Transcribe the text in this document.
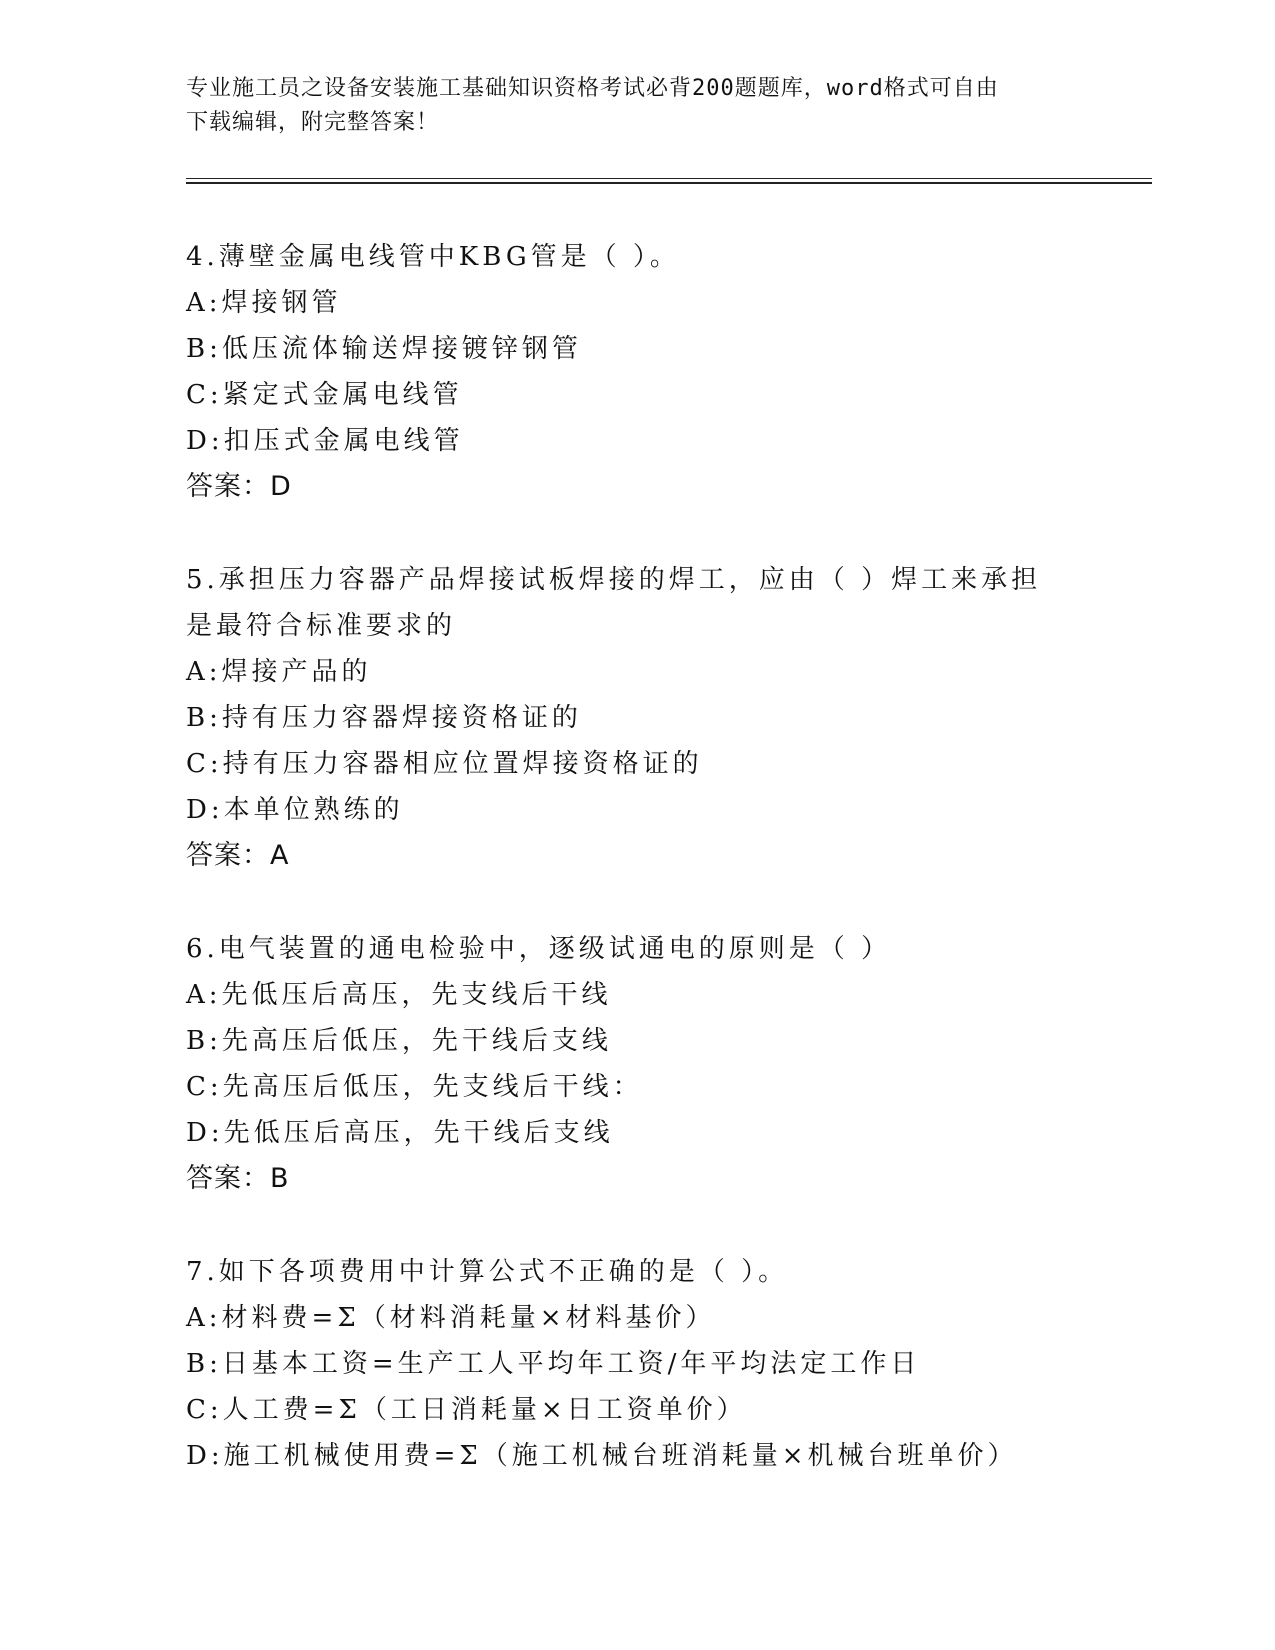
专业施工员之设备安装施工基础知识资格考试必背200题题库，word格式可自由
下载编辑，附完整答案！
4.薄壁金属电线管中KBG管是（ ）。
A:焊接钢管
B:低压流体输送焊接镀锌钢管
C:紧定式金属电线管
D:扣压式金属电线管
答案：D
5.承担压力容器产品焊接试板焊接的焊工，应由（ ）焊工来承担是最符合标准要求的
A:焊接产品的
B:持有压力容器焊接资格证的
C:持有压力容器相应位置焊接资格证的
D:本单位熟练的
答案：A
6.电气装置的通电检验中，逐级试通电的原则是（ ）
A:先低压后高压，先支线后干线
B:先高压后低压，先干线后支线
C:先高压后低压，先支线后干线：
D:先低压后高压，先干线后支线
答案：B
7.如下各项费用中计算公式不正确的是（ ）。
A:材料费=Σ（材料消耗量×材料基价）
B:日基本工资=生产工人平均年工资/年平均法定工作日
C:人工费=Σ（工日消耗量×日工资单价）
D:施工机械使用费=Σ（施工机械台班消耗量×机械台班单价）
